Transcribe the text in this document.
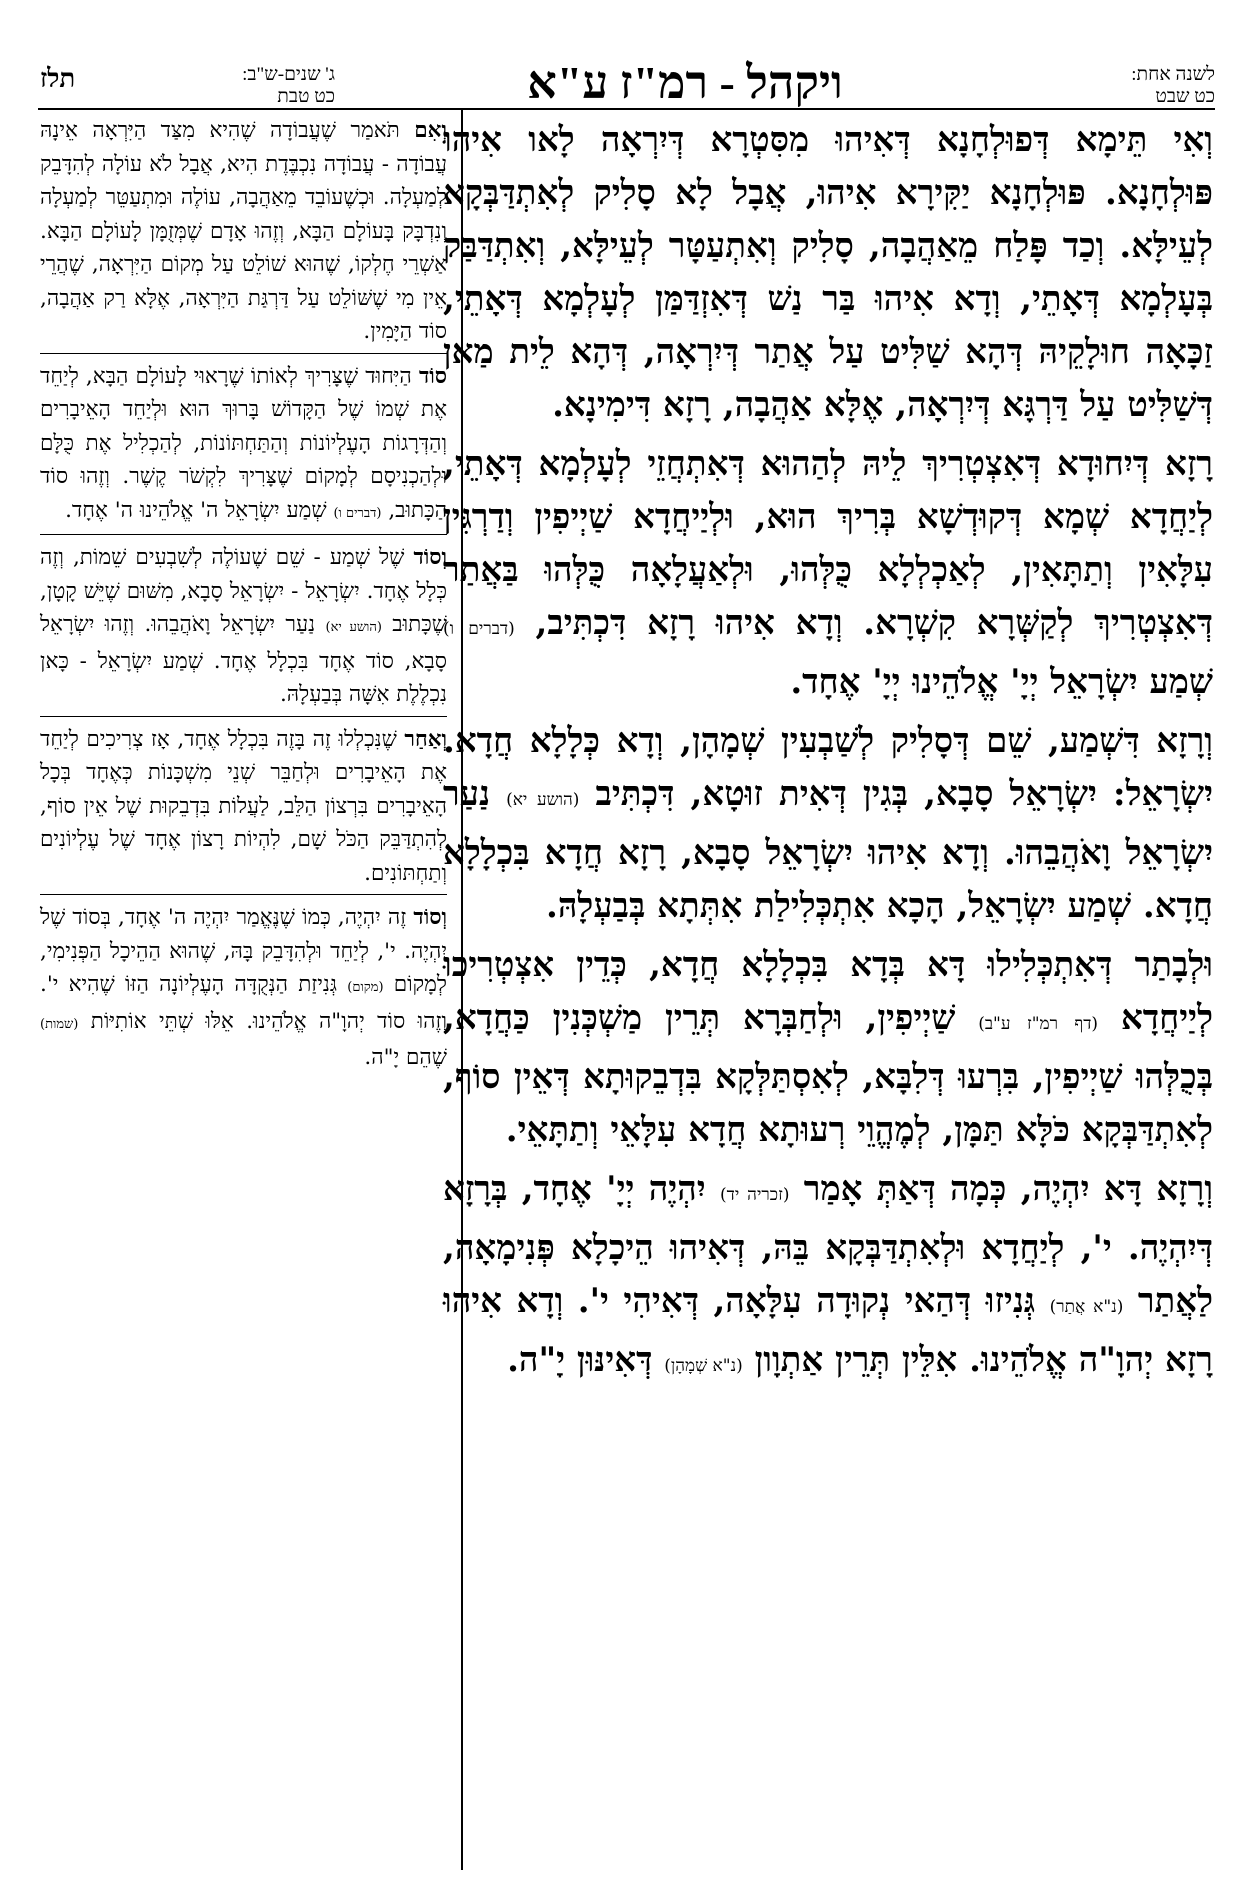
לשנה אחת:
כט שבט
ויקהל - רמ"ז ע"א
ג' שנים-ש"ב:
כט טבת
תלז

וְאִי תֵּימָא דְּפוּלְחָנָא דְּאִיהוּ מִסִּטְרָא דְּיִרְאָה לָאו אִיהוּ פּוּלְחָנָא. פּוּלְחָנָא יַקִּירָא אִיהוּ, אֲבָל לָא סָלִיק לְאִתְדַּבְּקָא לְעֵילָּא. וְכַד פָּלַח מֵאַהֲבָה, סָלִיק וְאִתְעַטָּר לְעֵילָּא, וְאִתְדַּבַּק בְּעָלְמָא דְּאָתֵי, וְדָא אִיהוּ בַּר נַשׁ דְּאִזְדַּמַּן לְעָלְמָא דְּאָתֵי, זַכָּאָה חוּלָקֵיהּ דְּהָא שַׁלִּיט עַל אֲתַר דְּיִרְאָה, דְּהָא לֵית מַאן דְּשַׁלִּיט עַל דַּרְגָּא דְּיִרְאָה, אֶלָּא אַהֲבָה, רָזָא דִּימִינָא.

רָזָא דְּיִחוּדָא דְּאִצְטְרִיךְ לֵיהּ לְהַהוּא דְּאִתְחֲזֵי לְעָלְמָא דְּאָתֵי, לְיַחֲדָא שְׁמָא דְּקוּדְשָׁא בְּרִיךְ הוּא, וּלְיַיחֲדָא שַׁיְיפִין וְדַרְגִּין עִלָּאִין וְתַתָּאִין, לְאַכְלְלָא כֻּלְּהוּ, וּלְאַעֲלָאָה כֻּלְּהוּ בַּאֲתַר דְּאִצְטְרִיךְ לְקַשְּׁרָא קִשְׁרָא. וְדָא אִיהוּ רָזָא דִּכְתִּיב, (דברים ו) שְׁמַע יִשְׂרָאֵל יְיָ' אֱלֹהֵינוּ יְיָ' אֶחָד.

וְרָזָא דִּשְׁמַע, שֵׁם דְּסָלִיק לְשַׁבְעִין שְׁמָהָן, וְדָא כְּלָלָא חֲדָא. יִשְׂרָאֵל: יִשְׂרָאֵל סָבָא, בְּגִין דְּאִית זוּטָא, דִּכְתִּיב (הושע יא) נַעַר יִשְׂרָאֵל וָאֹהֲבֵהוּ. וְדָא אִיהוּ יִשְׂרָאֵל סָבָא, רָזָא חֲדָא בִּכְלָלָא חֲדָא. שְׁמַע יִשְׂרָאֵל, הָכָא אִתְכְּלִילַת אִתְּתָא בְּבַעְלָהּ.

וּלְבָתַר דְּאִתְכְּלִילוּ דָּא בְּדָא בִּכְלָלָא חֲדָא, כְּדֵין אִצְטְרִיכוּ לְיַיחֲדָא (דף רמ"ז ע"ב) שַׁיְיפִין, וּלְחַבְּרָא תְּרֵין מַשְׁכְּנִין כַּחֲדָא, בְּכֻלְּהוּ שַׁיְיפִין, בִּרְעוּ דְּלִבָּא, לְאִסְתַּלְּקָא בִּדְבֵקוּתָא דְּאֵין סוֹף, לְאִתְדַּבְּקָא כֹּלָּא תַּמָּן, לְמֶהֱוֵי רְעוּתָא חֲדָא עִלָּאֵי וְתַתָּאֵי.

וְרָזָא דָּא יִהְיֶה, כְּמָה דְּאַתְּ אָמַר (זכריה יד) יִהְיֶה יְיָ' אֶחָד, בְּרָזָא דְּיִהְיֶה. י', לְיַחֲדָא וּלְאִתְדַּבְּקָא בֵּהּ, דְּאִיהוּ הֵיכָלָא פְּנִימָאָה, לַאֲתַר (נ"א אֲתַר) גְּנִיזוּ דְּהַאי נְקוּדָה עִלָּאָה, דְּאִיהִי י'. וְדָא אִיהוּ רָזָא יְהוָ"ה אֱלֹהֵינוּ. אִלֵּין תְּרֵין אַתְוָון (נ"א שְׁמָהָן) דְּאִינּוּן יָ"ה.

וְאִם תֹּאמַר שֶׁעֲבוֹדָה שֶׁהִיא מִצַּד הַיִּרְאָה אֵינָהּ עֲבוֹדָה - עֲבוֹדָה נִכְבֶּדֶת הִיא, אֲבָל לֹא עוֹלָה לְהִדָּבֵק לְמַעְלָה. וּכְשֶׁעוֹבֵד מֵאַהֲבָה, עוֹלֶה וּמִתְעַטֵּר לְמַעְלָה וְנִדְבָּק בָּעוֹלָם הַבָּא, וְזֶהוּ אָדָם שֶׁמְּזֻמָּן לָעוֹלָם הַבָּא. אַשְׁרֵי חֶלְקוֹ, שֶׁהוּא שׁוֹלֵט עַל מְקוֹם הַיִּרְאָה, שֶׁהֲרֵי אֵין מִי שֶׁשּׁוֹלֵט עַל דַּרְגַּת הַיִּרְאָה, אֶלָּא רַק אַהֲבָה, סוֹד הַיָּמִין.

סוֹד הַיִּחוּד שֶׁצָּרִיךְ לְאוֹתוֹ שֶׁרָאוּי לָעוֹלָם הַבָּא, לְיַחֵד אֶת שְׁמוֹ שֶׁל הַקָּדוֹשׁ בָּרוּךְ הוּא וּלְיַחֵד הָאֵיבָרִים וְהַדְּרָגוֹת הָעֶלְיוֹנוֹת וְהַתַּחְתּוֹנוֹת, לְהַכְלִיל אֶת כֻּלָּם וּלְהַכְנִיסָם לְמָקוֹם שֶׁצָּרִיךְ לִקְשֹׁר קֶשֶׁר. וְזֶהוּ סוֹד הַכָּתוּב, (דברים ו) שְׁמַע יִשְׂרָאֵל ה' אֱלֹהֵינוּ ה' אֶחָד.

וְסוֹד שֶׁל שְׁמַע - שֵׁם שֶׁעוֹלֶה לְשִׁבְעִים שֵׁמוֹת, וְזֶה כְּלָל אֶחָד. יִשְׂרָאֵל - יִשְׂרָאֵל סָבָא, מִשּׁוּם שֶׁיֵּשׁ קָטָן, שֶׁכָּתוּב (הושע יא) נַעַר יִשְׂרָאֵל וָאֹהֲבֵהוּ. וְזֶהוּ יִשְׂרָאֵל סָבָא, סוֹד אֶחָד בִּכְלָל אֶחָד. שְׁמַע יִשְׂרָאֵל - כָּאן נִכְלֶלֶת אִשָּׁה בְּבַעְלָהּ.

וְאַחַר שֶׁנִּכְלְלוּ זֶה בָּזֶה בִּכְלָל אֶחָד, אָז צְרִיכִים לְיַחֵד אֶת הָאֵיבָרִים וּלְחַבֵּר שְׁנֵי מִשְׁכָּנוֹת כְּאֶחָד בְּכָל הָאֵיבָרִים בִּרְצוֹן הַלֵּב, לַעֲלוֹת בִּדְבֵקוּת שֶׁל אֵין סוֹף, לְהִתְדַּבֵּק הַכֹּל שָׁם, לִהְיוֹת רָצוֹן אֶחָד שֶׁל עֶלְיוֹנִים וְתַחְתּוֹנִים.

וְסוֹד זֶה יִהְיֶה, כְּמוֹ שֶׁנֶּאֱמַר יִהְיֶה ה' אֶחָד, בְּסוֹד שֶׁל יִהְיֶה. י', לְיַחֵד וּלְהִדָּבֵק בָּהּ, שֶׁהוּא הַהֵיכָל הַפְּנִימִי, לְמָקוֹם (מקום) גְּנִיזַת הַנְּקֻדָּה הָעֶלְיוֹנָה הַזּוֹ שֶׁהִיא י'. וְזֶהוּ סוֹד יְהוָ"ה אֱלֹהֵינוּ. אֵלּוּ שְׁתֵּי אוֹתִיּוֹת (שמות) שֶׁהֵם יָ"ה.
